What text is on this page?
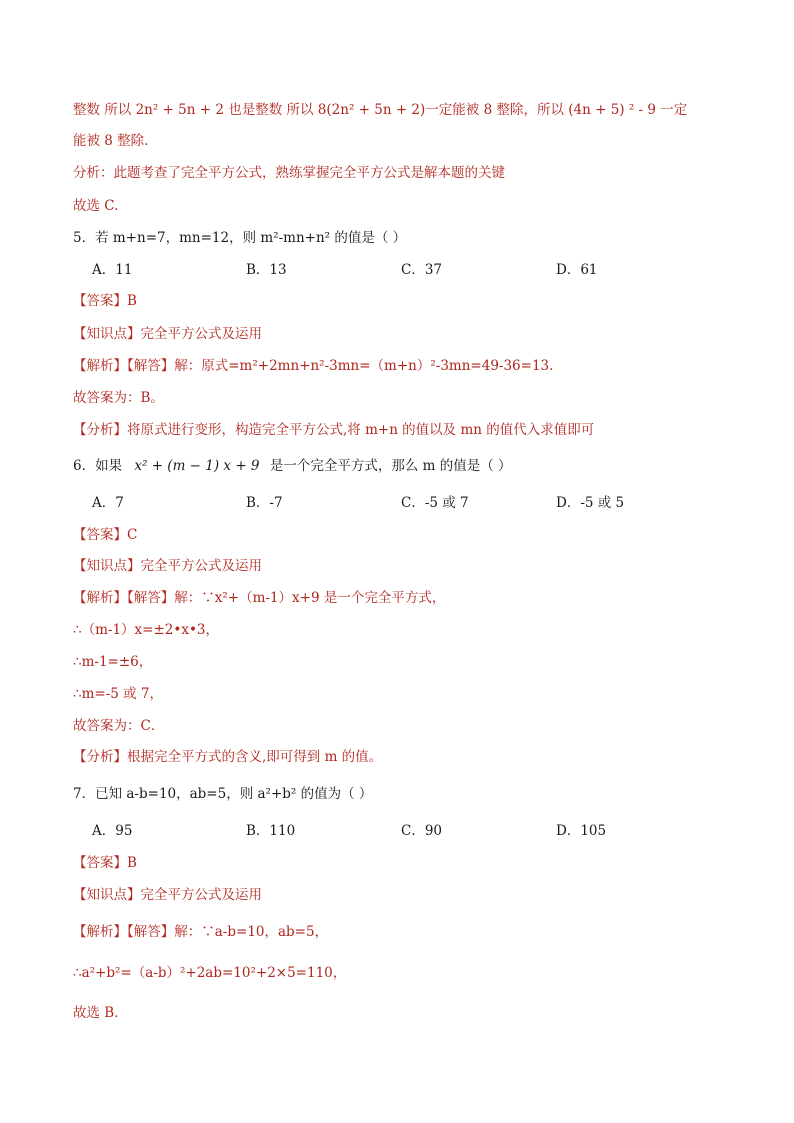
整数 所以 2n² + 5n + 2 也是整数 所以 8(2n² + 5n + 2)一定能被 8 整除，所以 (4n + 5) ² - 9 一定
能被 8 整除.
分析：此题考查了完全平方公式，熟练掌握完全平方公式是解本题的关键
故选 C.
5．若 m+n=7，mn=12，则 m²-mn+n² 的值是（ ）
A．11	B．13	C．37	D．61
【答案】B
【知识点】完全平方公式及运用
【解析】【解答】解：原式=m²+2mn+n²-3mn=（m+n）²-3mn=49-36=13.
故答案为：B。
【分析】将原式进行变形，构造完全平方公式,将 m+n 的值以及 mn 的值代入求值即可
6．如果 x² + (m − 1) x + 9 是一个完全平方式，那么 m 的值是（ ）
A．7	B．-7	C．-5 或 7	D．-5 或 5
【答案】C
【知识点】完全平方公式及运用
【解析】【解答】解：∵x²+（m-1）x+9 是一个完全平方式，
∴（m-1）x=±2•x•3，
∴m-1=±6，
∴m=-5 或 7，
故答案为：C．
【分析】根据完全平方式的含义,即可得到 m 的值。
7．已知 a-b=10，ab=5，则 a²+b² 的值为（ ）
A．95	B．110	C．90	D．105
【答案】B
【知识点】完全平方公式及运用
【解析】【解答】解：∵a-b=10，ab=5，
∴a²+b²=（a-b）²+2ab=10²+2×5=110，
故选 B．
